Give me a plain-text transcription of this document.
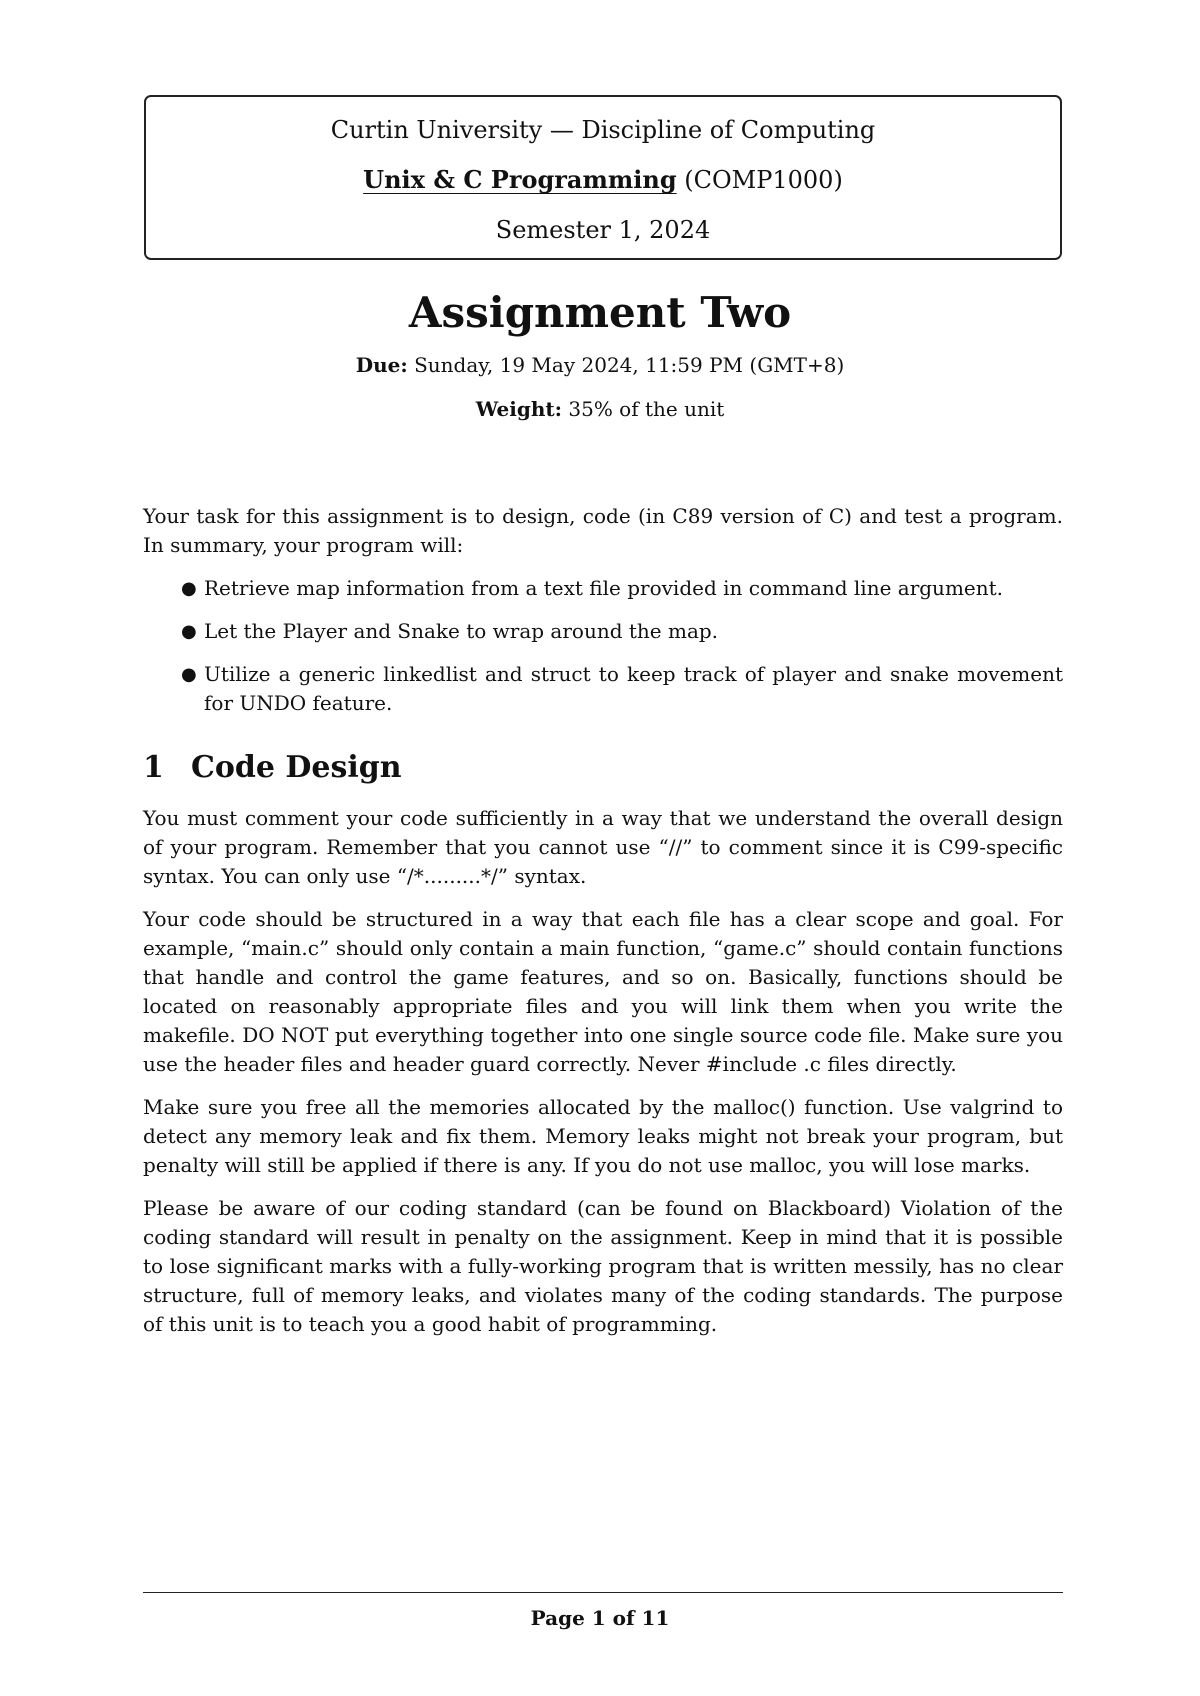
Curtin University — Discipline of Computing
Unix & C Programming (COMP1000)
Semester 1, 2024
Assignment Two
Due: Sunday, 19 May 2024, 11:59 PM (GMT+8)
Weight: 35% of the unit

Your task for this assignment is to design, code (in C89 version of C) and test a program. In summary, your program will:

● Retrieve map information from a text file provided in command line argument.
● Let the Player and Snake to wrap around the map.
● Utilize a generic linkedlist and struct to keep track of player and snake movement for UNDO feature.
1 Code Design

You must comment your code sufficiently in a way that we understand the overall design of your program. Remember that you cannot use “//” to comment since it is C99-specific syntax. You can only use “/*.........*/” syntax.

Your code should be structured in a way that each file has a clear scope and goal. For example, “main.c” should only contain a main function, “game.c” should contain functions that handle and control the game features, and so on. Basically, functions should be located on reasonably appropriate files and you will link them when you write the makefile. DO NOT put everything together into one single source code file. Make sure you use the header files and header guard correctly. Never #include .c files directly.

Make sure you free all the memories allocated by the malloc() function. Use valgrind to detect any memory leak and fix them. Memory leaks might not break your program, but penalty will still be applied if there is any. If you do not use malloc, you will lose marks.

Please be aware of our coding standard (can be found on Blackboard) Violation of the coding standard will result in penalty on the assignment. Keep in mind that it is possible to lose significant marks with a fully-working program that is written messily, has no clear structure, full of memory leaks, and violates many of the coding standards. The purpose of this unit is to teach you a good habit of programming.

Page 1 of 11
